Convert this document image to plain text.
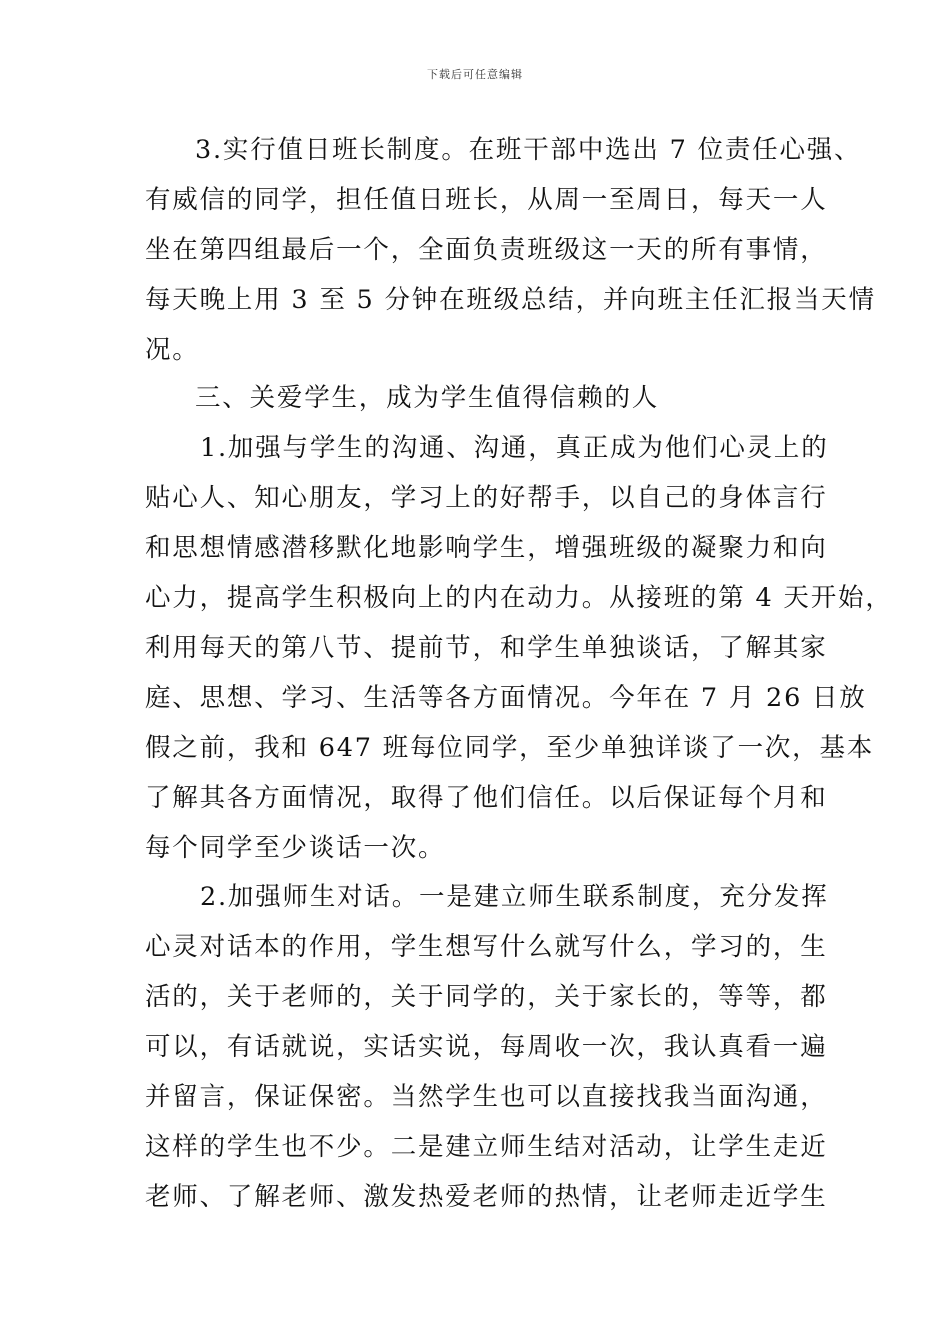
下载后可任意编辑
3.实行值日班长制度。在班干部中选出 7 位责任心强、
有威信的同学，担任值日班长，从周一至周日，每天一人
坐在第四组最后一个，全面负责班级这一天的所有事情，
每天晚上用 3 至 5 分钟在班级总结，并向班主任汇报当天情
况。
三、关爱学生，成为学生值得信赖的人
1.加强与学生的沟通、沟通，真正成为他们心灵上的
贴心人、知心朋友，学习上的好帮手，以自己的身体言行
和思想情感潜移默化地影响学生，增强班级的凝聚力和向
心力，提高学生积极向上的内在动力。从接班的第 4 天开始，
利用每天的第八节、提前节，和学生单独谈话，了解其家
庭、思想、学习、生活等各方面情况。今年在 7 月 26 日放
假之前，我和 647 班每位同学，至少单独详谈了一次，基本
了解其各方面情况，取得了他们信任。以后保证每个月和
每个同学至少谈话一次。
2.加强师生对话。一是建立师生联系制度，充分发挥
心灵对话本的作用，学生想写什么就写什么，学习的，生
活的，关于老师的，关于同学的，关于家长的，等等，都
可以，有话就说，实话实说，每周收一次，我认真看一遍
并留言，保证保密。当然学生也可以直接找我当面沟通，
这样的学生也不少。二是建立师生结对活动，让学生走近
老师、了解老师、激发热爱老师的热情，让老师走近学生
